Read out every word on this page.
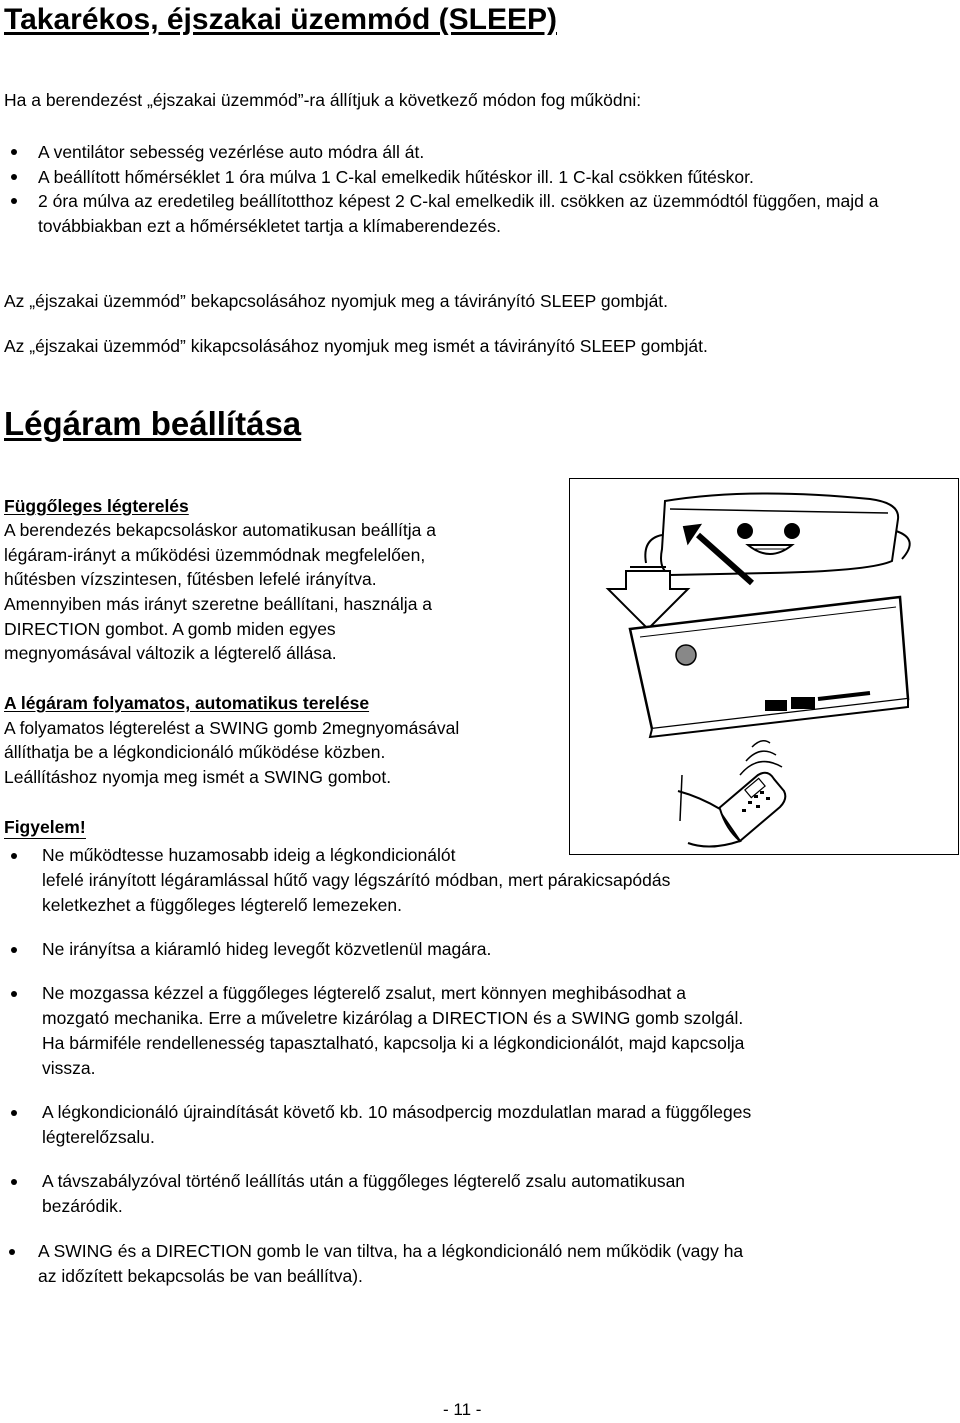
Takarékos, éjszakai üzemmód (SLEEP)

Ha a berendezést „éjszakai üzemmód”-ra állítjuk a következő módon fog működni:

A ventilátor sebesség vezérlése auto módra áll át.
A beállított hőmérséklet 1 óra múlva 1 C-kal emelkedik hűtéskor ill. 1 C-kal csökken fűtéskor.
2 óra múlva az eredetileg beállítotthoz képest 2 C-kal emelkedik ill. csökken az üzemmódtól függően, majd a továbbiakban ezt a hőmérsékletet tartja a klímaberendezés.

Az „éjszakai üzemmód” bekapcsolásához nyomjuk meg a távirányító SLEEP gombját.

Az „éjszakai üzemmód” kikapcsolásához nyomjuk meg ismét a távirányító SLEEP gombját.

Légáram beállítása

Függőleges légterelés

A berendezés bekapcsoláskor automatikusan beállítja a

légáram-irányt a működési üzemmódnak megfelelően,

hűtésben vízszintesen, fűtésben lefelé irányítva.

Amennyiben más irányt szeretne beállítani, használja a

DIRECTION gombot. A gomb miden egyes

megnyomásával változik a légterelő állása.

A légáram folyamatos, automatikus terelése

A folyamatos légterelést a SWING gomb 2megnyomásával

állíthatja be a légkondicionáló működése közben.

Leállításhoz nyomja meg ismét a SWING gombot.

Figyelem!

Ne működtesse huzamosabb ideig a légkondicionálót
lefelé irányított légáramlással hűtő vagy légszárító módban, mert párakicsapódás
keletkezhet a függőleges légterelő lemezeken.
Ne irányítsa a kiáramló hideg levegőt közvetlenül magára.
Ne mozgassa kézzel a függőleges légterelő zsalut, mert könnyen meghibásodhat a
mozgató mechanika. Erre a műveletre kizárólag a DIRECTION és a SWING gomb szolgál.
Ha bármiféle rendellenesség tapasztalható, kapcsolja ki a légkondicionálót, majd kapcsolja
vissza.
A légkondicionáló újraindítását követő kb. 10 másodpercig mozdulatlan marad a függőleges
légterelőzsalu.
A távszabályzóval történő leállítás után a függőleges légterelő zsalu automatikusan
bezáródik.
A SWING és a DIRECTION gomb le van tiltva, ha a légkondicionáló nem működik (vagy ha
az időzített bekapcsolás be van beállítva).
- 11 -
